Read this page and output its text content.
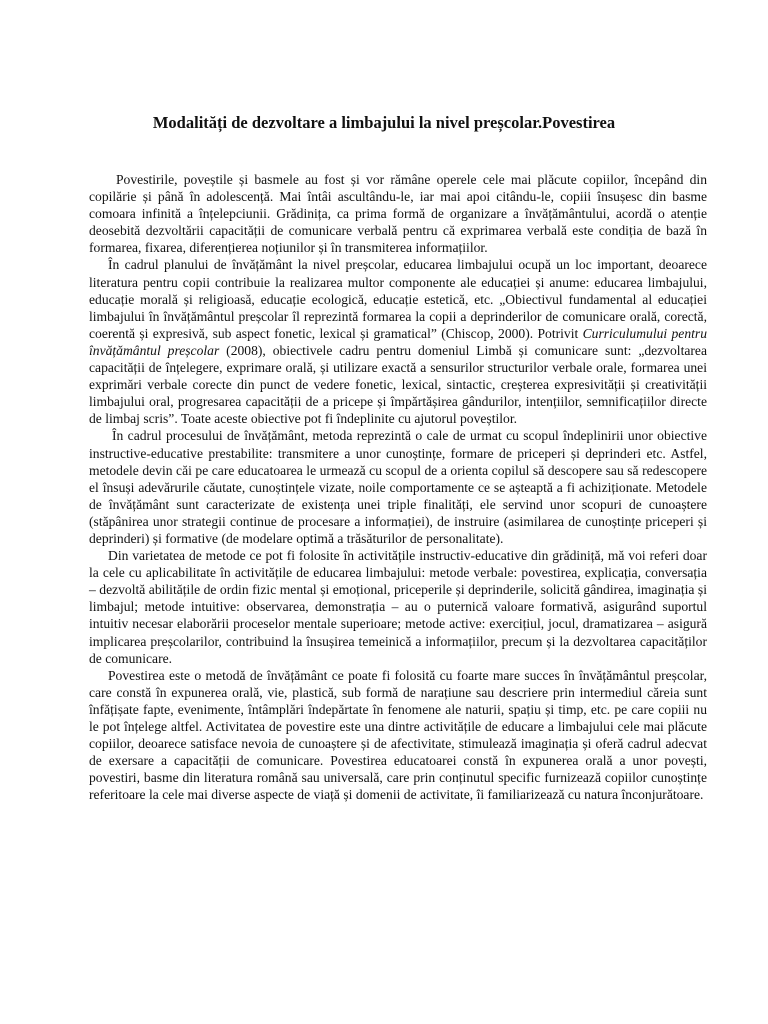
Modalități de dezvoltare a limbajului la nivel preșcolar.Povestirea

Povestirile, poveștile și basmele au fost și vor rămâne operele cele mai plăcute copiilor, începând din copilărie și până în adolescență. Mai întâi ascultându-le, iar mai apoi citându-le, copiii însușesc din basme comoara infinită a înțelepciunii. Grădinița, ca prima formă de organizare a învățământului, acordă o atenție deosebită dezvoltării capacității de comunicare verbală pentru că exprimarea verbală este condiția de bază în formarea, fixarea, diferențierea noțiunilor și în transmiterea informațiilor.

În cadrul planului de învățământ la nivel preșcolar, educarea limbajului ocupă un loc important, deoarece literatura pentru copii contribuie la realizarea multor componente ale educației și anume: educarea limbajului, educație morală și religioasă, educație ecologică, educație estetică, etc. „Obiectivul fundamental al educației limbajului în învățământul preșcolar îl reprezintă formarea la copii a deprinderilor de comunicare orală, corectă, coerentă și expresivă, sub aspect fonetic, lexical și gramatical” (Chiscop, 2000). Potrivit Curriculumului pentru învățământul preșcolar (2008), obiectivele cadru pentru domeniul Limbă și comunicare sunt: „dezvoltarea capacității de înțelegere, exprimare orală, și utilizare exactă a sensurilor structurilor verbale orale, formarea unei exprimări verbale corecte din punct de vedere fonetic, lexical, sintactic, creșterea expresivității și creativității limbajului oral, progresarea capacității de a pricepe și împărtășirea gândurilor, intențiilor, semnificațiilor directe de limbaj scris”. Toate aceste obiective pot fi îndeplinite cu ajutorul poveștilor.

În cadrul procesului de învățământ, metoda reprezintă o cale de urmat cu scopul îndeplinirii unor obiective instructive-educative prestabilite: transmitere a unor cunoștințe, formare de priceperi și deprinderi etc. Astfel, metodele devin căi pe care educatoarea le urmează cu scopul de a orienta copilul să descopere sau să redescopere el însuși adevărurile căutate, cunoștințele vizate, noile comportamente ce se așteaptă a fi achiziționate. Metodele de învățământ sunt caracterizate de existența unei triple finalități, ele servind unor scopuri de cunoaștere (stăpânirea unor strategii continue de procesare a informației), de instruire (asimilarea de cunoștințe priceperi și deprinderi) și formative (de modelare optimă a trăsăturilor de personalitate).

Din varietatea de metode ce pot fi folosite în activitățile instructiv-educative din grădiniță, mă voi referi doar la cele cu aplicabilitate în activitățile de educarea limbajului: metode verbale: povestirea, explicația, conversația – dezvoltă abilitățile de ordin fizic mental și emoțional, priceperile și deprinderile, solicită gândirea, imaginația și limbajul; metode intuitive: observarea, demonstrația – au o puternică valoare formativă, asigurând suportul intuitiv necesar elaborării proceselor mentale superioare; metode active: exercițiul, jocul, dramatizarea – asigură implicarea preșcolarilor, contribuind la însușirea temeinică a informațiilor, precum și la dezvoltarea capacităților de comunicare.

Povestirea este o metodă de învățământ ce poate fi folosită cu foarte mare succes în învățământul preșcolar, care constă în expunerea orală, vie, plastică, sub formă de narațiune sau descriere prin intermediul căreia sunt înfățișate fapte, evenimente, întâmplări îndepărtate în fenomene ale naturii, spațiu și timp, etc. pe care copiii nu le pot înțelege altfel. Activitatea de povestire este una dintre activitățile de educare a limbajului cele mai plăcute copiilor, deoarece satisface nevoia de cunoaștere și de afectivitate, stimulează imaginația și oferă cadrul adecvat de exersare a capacității de comunicare. Povestirea educatoarei constă în expunerea orală a unor povești, povestiri, basme din literatura română sau universală, care prin conținutul specific furnizează copiilor cunoștințe referitoare la cele mai diverse aspecte de viață și domenii de activitate, îi familiarizează cu natura înconjurătoare.
